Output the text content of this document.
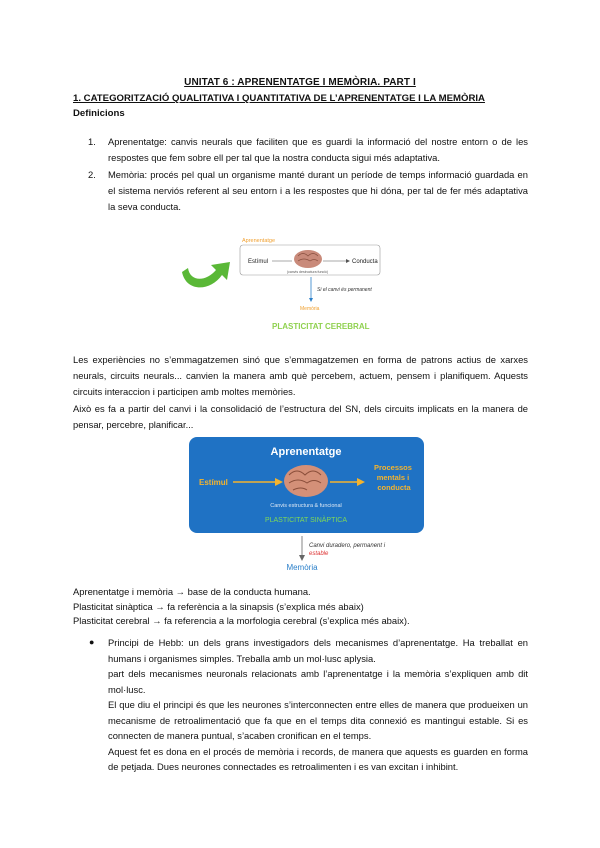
UNITAT 6 : APRENENTATGE I MEMÒRIA. PART I
1. CATEGORITZACIÓ QUALITATIVA I QUANTITATIVA DE L’APRENENTATGE I LA MEMÒRIA
Definicions
1. Aprenentatge: canvis neurals que faciliten que es guardi la informació del nostre entorn o de les respostes que fem sobre ell per tal que la nostra conducta sigui més adaptativa.
2. Memòria: procés pel qual un organisme manté durant un període de temps informació guardada en el sistema nerviós referent al seu entorn i a les respostes que hi dóna, per tal de fer més adaptativa la seva conducta.
Aprenentatge
Estímul	Conducta
(canvis destructura funció)
Si el canvi és permanent
Memòria
PLASTICITAT CEREBRAL
Les experiències no s’emmagatzemen sinó que s’emmagatzemen en forma de patrons actius de xarxes neurals, circuits neurals... canvien la manera amb què percebem, actuem, pensem i planifiquem. Aquests circuits interaccion i participen amb moltes memòries.
Això es fa a partir del canvi i la consolidació de l’estructura del SN, dels circuits implicats en la manera de pensar, percebre, planificar...
Aprenentatge
Estímul
Processos mentals i conducta
Canvis estructura & funcional
PLASTICITAT SINÀPTICA
Canvi duradero, permanent i estable
Memòria
Aprenentatge i memòria → base de la conducta humana.
Plasticitat sinàptica → fa referència a la sinapsis (s’explica més abaix)
Plasticitat cerebral → fa referencia a la morfologia cerebral (s’explica més abaix).
● Principi de Hebb: un dels grans investigadors dels mecanismes d’aprenentatge. Ha treballat en humans i organismes simples. Treballa amb un mol·lusc aplysia.

part dels mecanismes neuronals relacionats amb l’aprenentatge i la memòria s’expliquen amb dit mol·lusc.

El que diu el principi és que les neurones s’interconnecten entre elles de manera que produeixen un mecanisme de retroalimentació que fa que en el temps dita connexió es mantingui estable. Si es connecten de manera puntual, s’acaben cronifican en el temps.

Aquest fet es dona en el procés de memòria i records, de manera que aquests es guarden en forma de petjada. Dues neurones connectades es retroalimenten i es van excitan i inhibint.
